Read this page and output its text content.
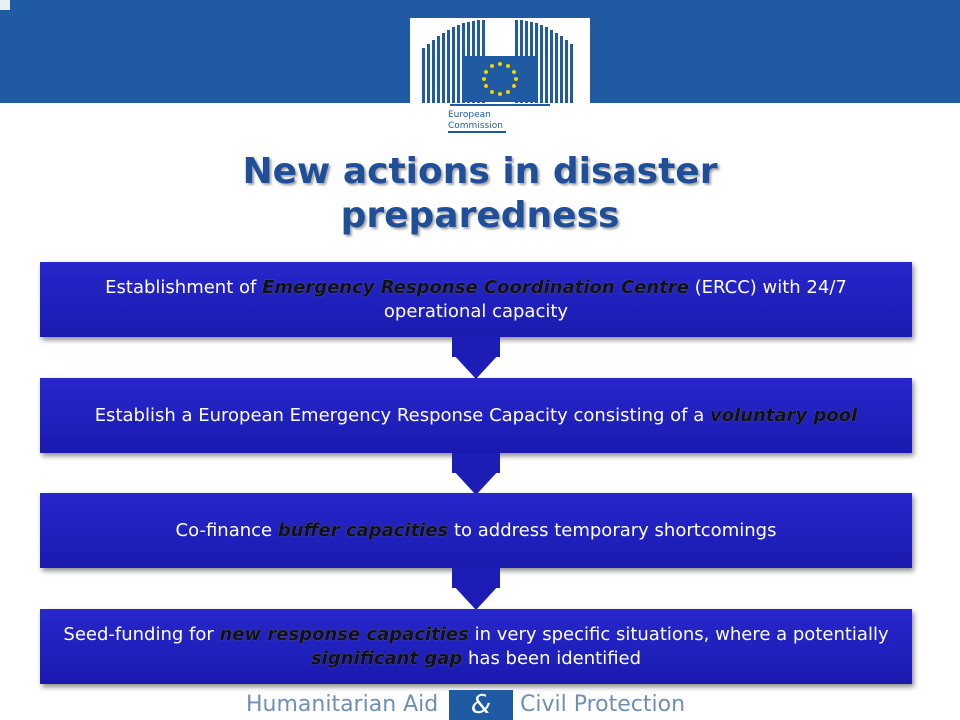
European
Commission
New actions in disaster
preparedness
Establishment of Emergency Response Coordination Centre (ERCC) with 24/7 operational capacity
Establish a European Emergency Response Capacity consisting of a voluntary pool
Co-finance buffer capacities to address temporary shortcomings
Seed-funding for new response capacities in very specific situations, where a potentially significant gap has been identified
Humanitarian Aid	&	Civil Protection
